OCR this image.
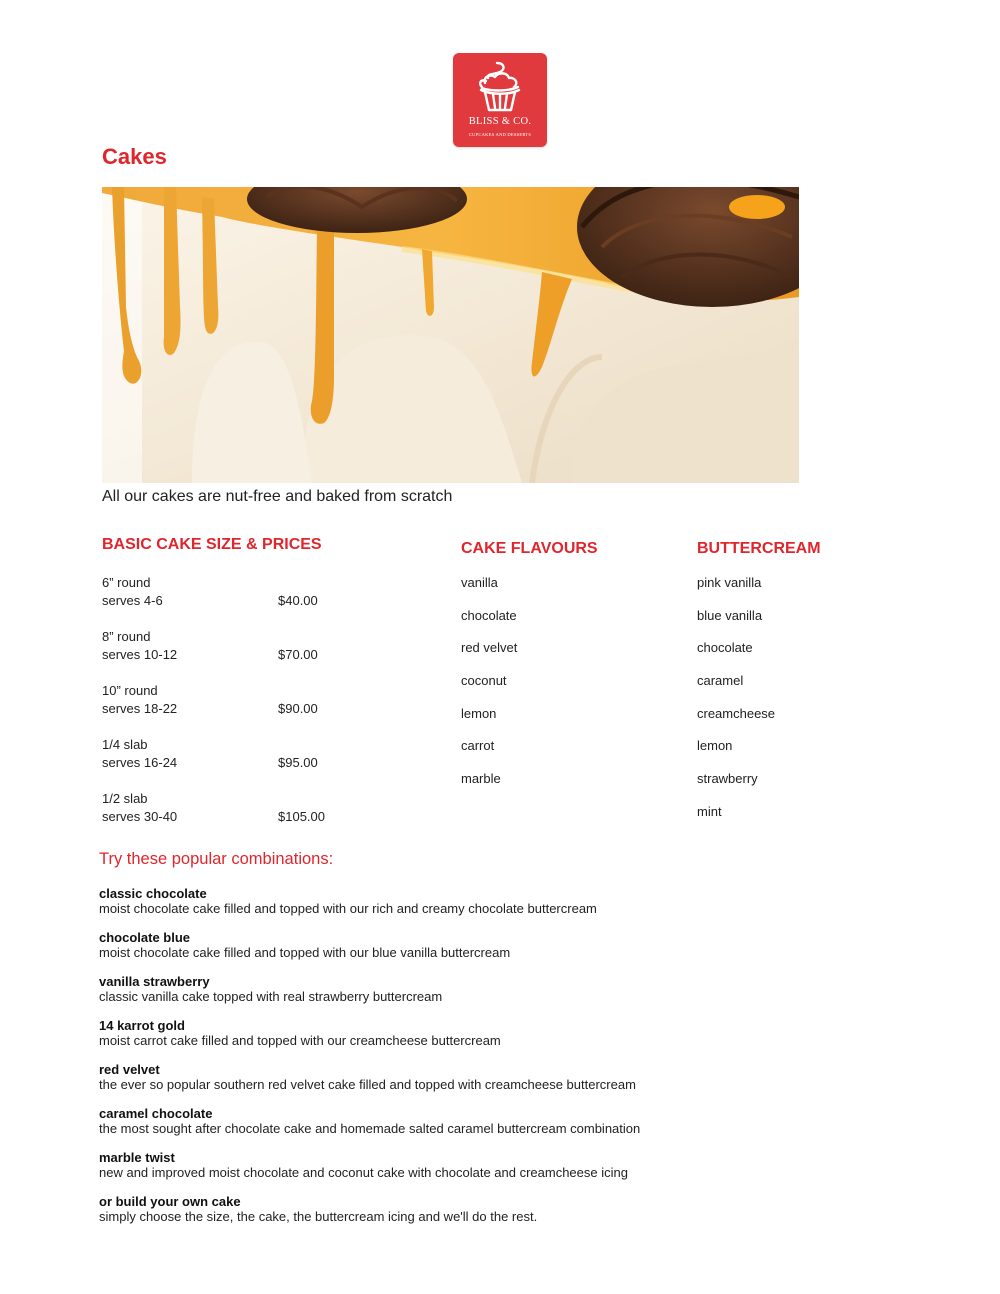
BLISS & CO.
CUPCAKES AND DESSERTS
Cakes
All our cakes are nut-free and baked from scratch
BASIC CAKE SIZE & PRICES
6” round
serves 4-6	$40.00
8” round
serves 10-12	$70.00
10” round
serves 18-22	$90.00
1/4 slab
serves 16-24	$95.00
1/2 slab
serves 30-40	$105.00
CAKE FLAVOURS
vanilla
chocolate
red velvet
coconut
lemon
carrot
marble
BUTTERCREAM
pink vanilla
blue vanilla
chocolate
caramel
creamcheese
lemon
strawberry
mint
Try these popular combinations:
classic chocolate
moist chocolate cake filled and topped with our rich and creamy chocolate buttercream
chocolate blue
moist chocolate cake filled and topped with our blue vanilla buttercream
vanilla strawberry
classic vanilla cake topped with real strawberry buttercream
14 karrot gold
moist carrot cake filled and topped with our creamcheese buttercream
red velvet
the ever so popular southern red velvet cake filled and topped with creamcheese buttercream
caramel chocolate
the most sought after chocolate cake and homemade salted caramel buttercream combination
marble twist
new and improved moist chocolate and coconut cake with chocolate and creamcheese icing
or build your own cake
simply choose the size, the cake, the buttercream icing and we'll do the rest.
